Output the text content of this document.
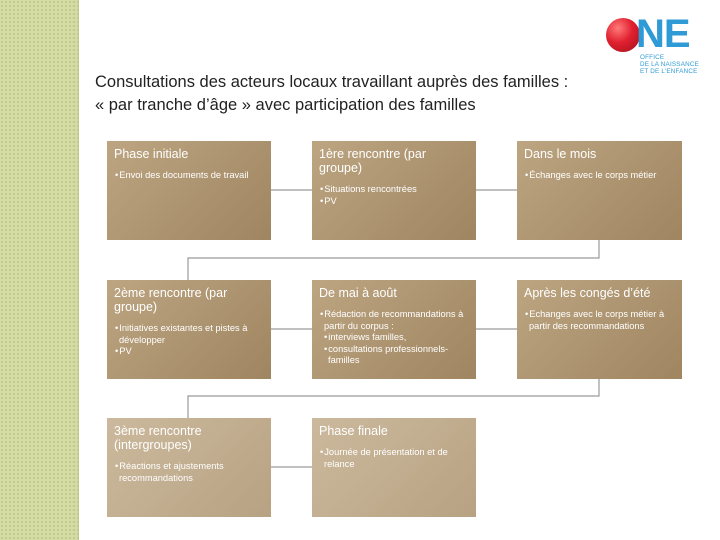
NE
OFFICE
DE LA NAISSANCE
ET DE L’ENFANCE
Consultations des acteurs locaux travaillant auprès des familles :
« par tranche d’âge » avec participation des familles
Phase initiale
• Envoi des documents de travail
1ère rencontre (par groupe)
• Situations rencontrées
• PV
Dans le mois
• Échanges avec le corps métier
2ème rencontre (par groupe)
• Initiatives existantes et pistes à développer
• PV
De mai à août
• Rédaction de recommandations à partir du corpus :
• interviews familles,
• consultations professionnels-familles
Après les congés d’été
• Echanges avec le corps métier à partir des recommandations
3ème rencontre (intergroupes)
• Réactions et ajustements recommandations
Phase finale
• Journée de présentation et de relance
